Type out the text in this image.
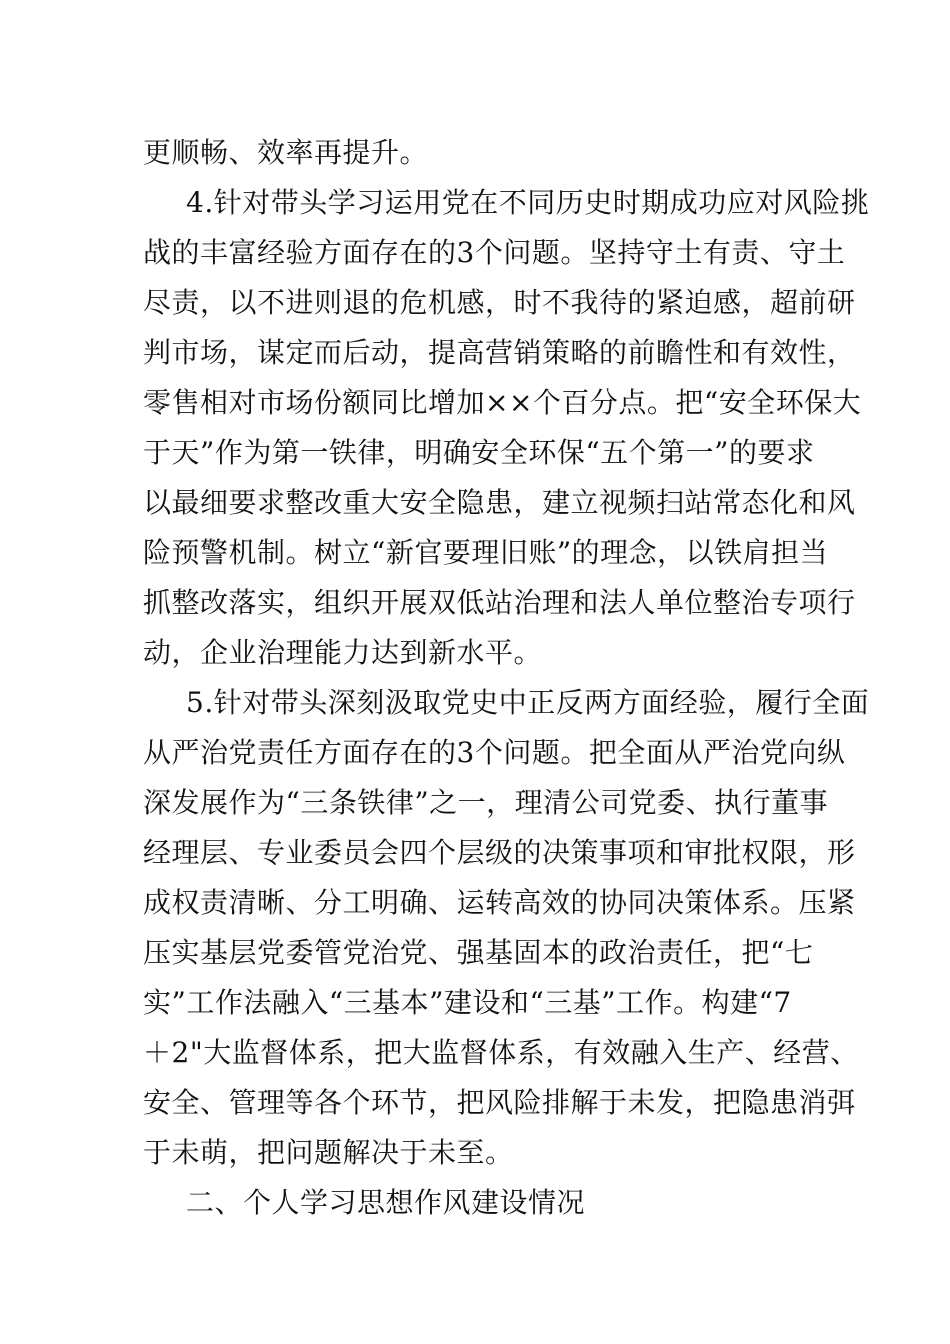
更顺畅、效率再提升。
4.针对带头学习运用党在不同历史时期成功应对风险挑
战的丰富经验方面存在的3个问题。坚持守土有责、守土
尽责，以不进则退的危机感，时不我待的紧迫感，超前研
判市场，谋定而后动，提高营销策略的前瞻性和有效性，
零售相对市场份额同比增加××个百分点。把“安全环保大
于天”作为第一铁律，明确安全环保“五个第一”的要求
以最细要求整改重大安全隐患，建立视频扫站常态化和风
险预警机制。树立“新官要理旧账”的理念，以铁肩担当
抓整改落实，组织开展双低站治理和法人单位整治专项行
动，企业治理能力达到新水平。
5.针对带头深刻汲取党史中正反两方面经验，履行全面
从严治党责任方面存在的3个问题。把全面从严治党向纵
深发展作为“三条铁律”之一，理清公司党委、执行董事
经理层、专业委员会四个层级的决策事项和审批权限，形
成权责清晰、分工明确、运转高效的协同决策体系。压紧
压实基层党委管党治党、强基固本的政治责任，把“七
实”工作法融入“三基本”建设和“三基”工作。构建“7
＋2"大监督体系，把大监督体系，有效融入生产、经营、
安全、管理等各个环节，把风险排解于未发，把隐患消弭
于未萌，把问题解决于未至。
二、个人学习思想作风建设情况
